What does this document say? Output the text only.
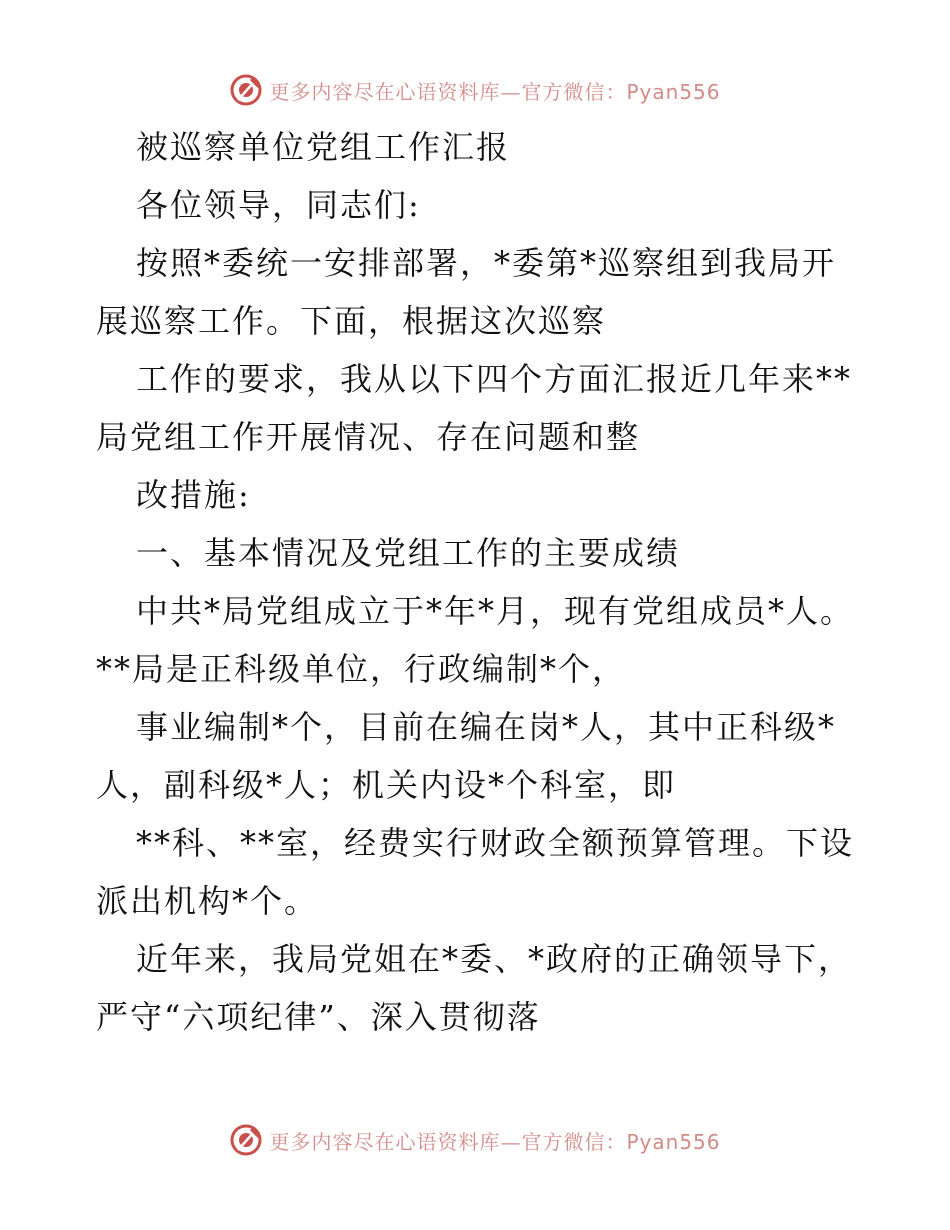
更多内容尽在心语资料库—官方微信：Pyan556
被巡察单位党组工作汇报
各位领导，同志们:
按照*委统一安排部署，*委第*巡察组到我局开
展巡察工作。下面，根据这次巡察
工作的要求，我从以下四个方面汇报近几年来**
局党组工作开展情况、存在问题和整
改措施:
一、基本情况及党组工作的主要成绩
中共*局党组成立于*年*月，现有党组成员*人。
**局是正科级单位，行政编制*个，
事业编制*个，目前在编在岗*人，其中正科级*
人，副科级*人；机关内设*个科室，即
**科、**室，经费实行财政全额预算管理。下设
派出机构*个。
近年来，我局党姐在*委、*政府的正确领导下，
严守“六项纪律”、深入贯彻落
更多内容尽在心语资料库—官方微信：Pyan556
